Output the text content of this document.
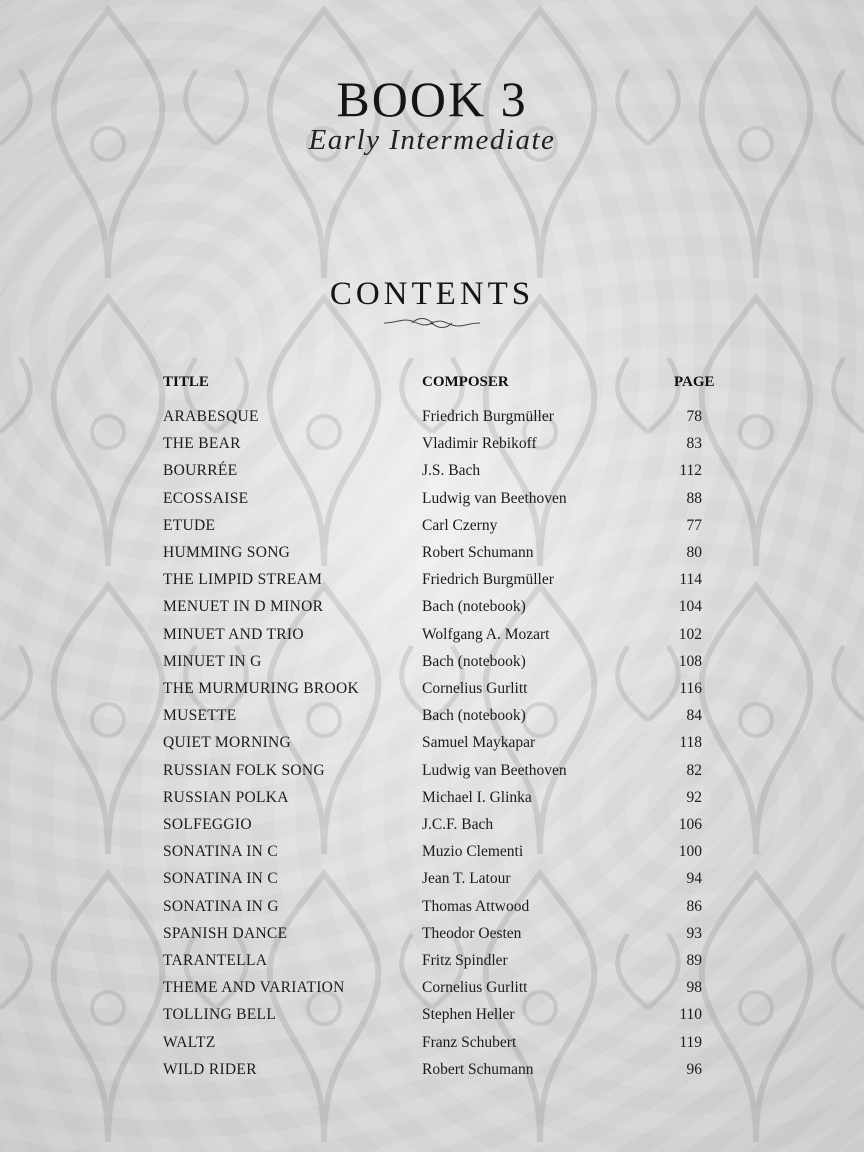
BOOK 3
Early Intermediate
CONTENTS
TITLE	COMPOSER	PAGE
ARABESQUE	Friedrich Burgmüller	78
THE BEAR	Vladimir Rebikoff	83
BOURRÉE	J.S. Bach	112
ECOSSAISE	Ludwig van Beethoven	88
ETUDE	Carl Czerny	77
HUMMING SONG	Robert Schumann	80
THE LIMPID STREAM	Friedrich Burgmüller	114
MENUET IN D MINOR	Bach (notebook)	104
MINUET AND TRIO	Wolfgang A. Mozart	102
MINUET IN G	Bach (notebook)	108
THE MURMURING BROOK	Cornelius Gurlitt	116
MUSETTE	Bach (notebook)	84
QUIET MORNING	Samuel Maykapar	118
RUSSIAN FOLK SONG	Ludwig van Beethoven	82
RUSSIAN POLKA	Michael I. Glinka	92
SOLFEGGIO	J.C.F. Bach	106
SONATINA IN C	Muzio Clementi	100
SONATINA IN C	Jean T. Latour	94
SONATINA IN G	Thomas Attwood	86
SPANISH DANCE	Theodor Oesten	93
TARANTELLA	Fritz Spindler	89
THEME AND VARIATION	Cornelius Gurlitt	98
TOLLING BELL	Stephen Heller	110
WALTZ	Franz Schubert	119
WILD RIDER	Robert Schumann	96
